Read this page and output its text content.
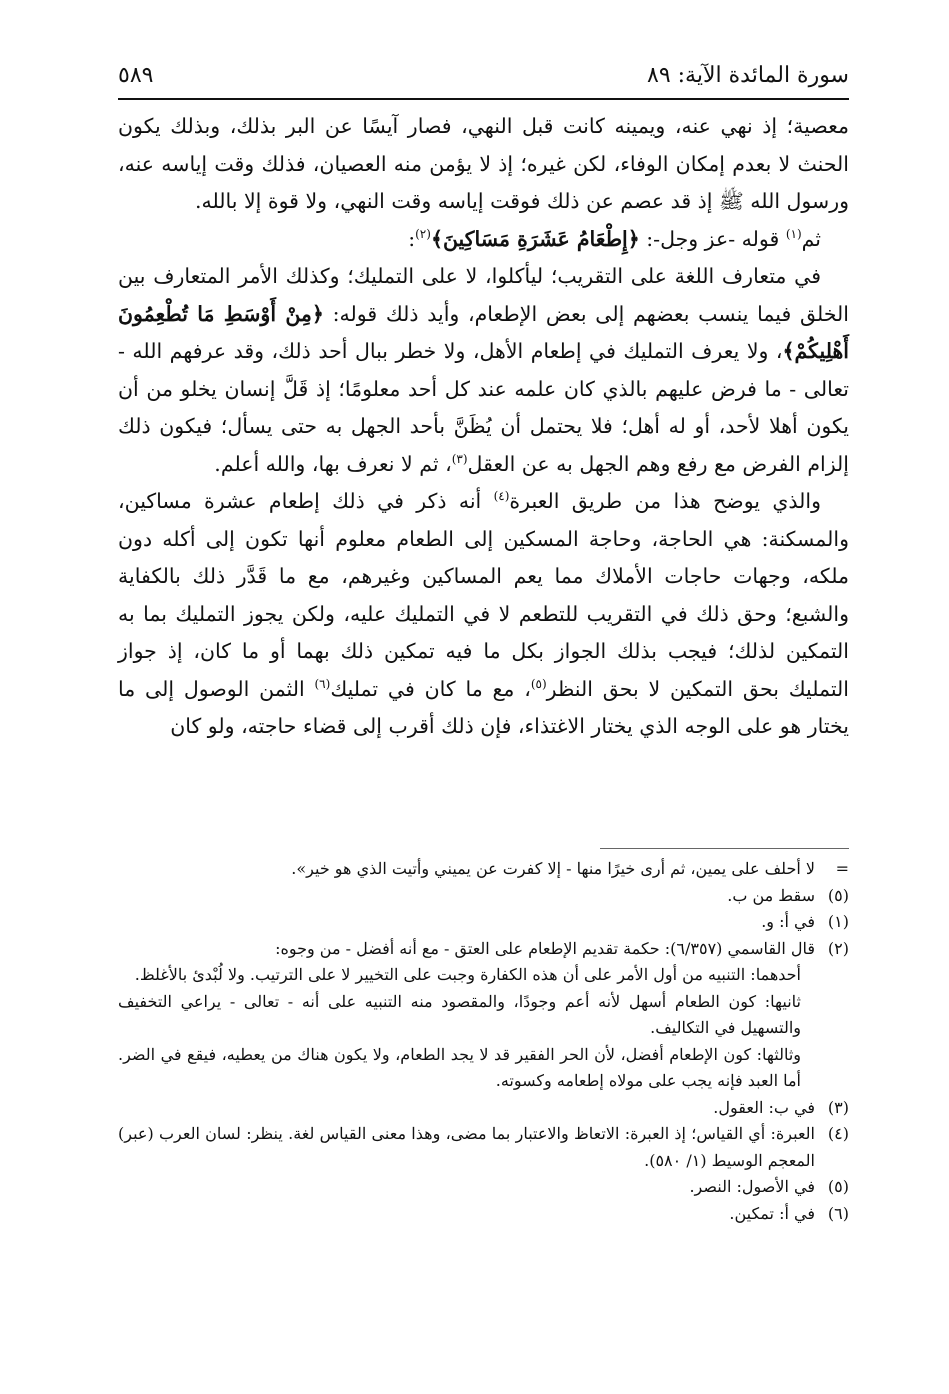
سورة المائدة الآية: ٨٩
٥٨٩

معصية؛ إذ نهي عنه، ويمينه كانت قبل النهي، فصار آيسًا عن البر بذلك، وبذلك يكون الحنث لا بعدم إمكان الوفاء، لكن غيره؛ إذ لا يؤمن منه العصيان، فذلك وقت إياسه عنه، ورسول الله ﷺ إذ قد عصم عن ذلك فوقت إياسه وقت النهي، ولا قوة إلا بالله.

ثم$^{(١)}$ قوله -عز وجل-: ﴿إِطْعَامُ عَشَرَةِ مَسَاكِينَ﴾$^{(٢)}$:

في متعارف اللغة على التقريب؛ ليأكلوا، لا على التمليك؛ وكذلك الأمر المتعارف بين الخلق فيما ينسب بعضهم إلى بعض الإطعام، وأيد ذلك قوله: ﴿مِنْ أَوْسَطِ مَا تُطْعِمُونَ أَهْلِيكُمْ﴾، ولا يعرف التمليك في إطعام الأهل، ولا خطر ببال أحد ذلك، وقد عرفهم الله - تعالى - ما فرض عليهم بالذي كان علمه عند كل أحد معلومًا؛ إذ قَلَّ إنسان يخلو من أن يكون أهلا لأحد، أو له أهل؛ فلا يحتمل أن يُظَنَّ بأحد الجهل به حتى يسأل؛ فيكون ذلك إلزام الفرض مع رفع وهم الجهل به عن العقل$^{(٣)}$، ثم لا نعرف بها، والله أعلم.

والذي يوضح هذا من طريق العبرة$^{(٤)}$ أنه ذكر في ذلك إطعام عشرة مساكين، والمسكنة: هي الحاجة، وحاجة المسكين إلى الطعام معلوم أنها تكون إلى أكله دون ملكه، وجهات حاجات الأملاك مما يعم المساكين وغيرهم، مع ما قَدَّر ذلك بالكفاية والشبع؛ وحق ذلك في التقريب للتطعم لا في التمليك عليه، ولكن يجوز التمليك بما به التمكين لذلك؛ فيجب بذلك الجواز بكل ما فيه تمكين ذلك بهما أو ما كان، إذ جواز التمليك بحق التمكين لا بحق النظر$^{(٥)}$، مع ما كان في تمليك$^{(٦)}$ الثمن الوصول إلى ما يختار هو على الوجه الذي يختار الاغتذاء، فإن ذلك أقرب إلى قضاء حاجته، ولو كان

=
لا أحلف على يمين، ثم أرى خيرًا منها - إلا كفرت عن يميني وأتيت الذي هو خير».
(٥)
سقط من ب.
(١)
في أ: و.
(٢)
قال القاسمي (٦/٣٥٧): حكمة تقديم الإطعام على العتق - مع أنه أفضل - من وجوه:
أحدهما: التنبيه من أول الأمر على أن هذه الكفارة وجبت على التخيير لا على الترتيب. ولا لُبْدئ بالأغلظ.
ثانيها: كون الطعام أسهل لأنه أعم وجودًا، والمقصود منه التنبيه على أنه - تعالى - يراعي التخفيف والتسهيل في التكاليف.
وثالثها: كون الإطعام أفضل، لأن الحر الفقير قد لا يجد الطعام، ولا يكون هناك من يعطيه، فيقع في الضر. أما العبد فإنه يجب على مولاه إطعامه وكسوته.
(٣)
في ب: العقول.
(٤)
العبرة: أي القياس؛ إذ العبرة: الاتعاظ والاعتبار بما مضى، وهذا معنى القياس لغة. ينظر: لسان العرب (عبر) المعجم الوسيط (١/ ٥٨٠).
(٥)
في الأصول: النصر.
(٦)
في أ: تمكين.
